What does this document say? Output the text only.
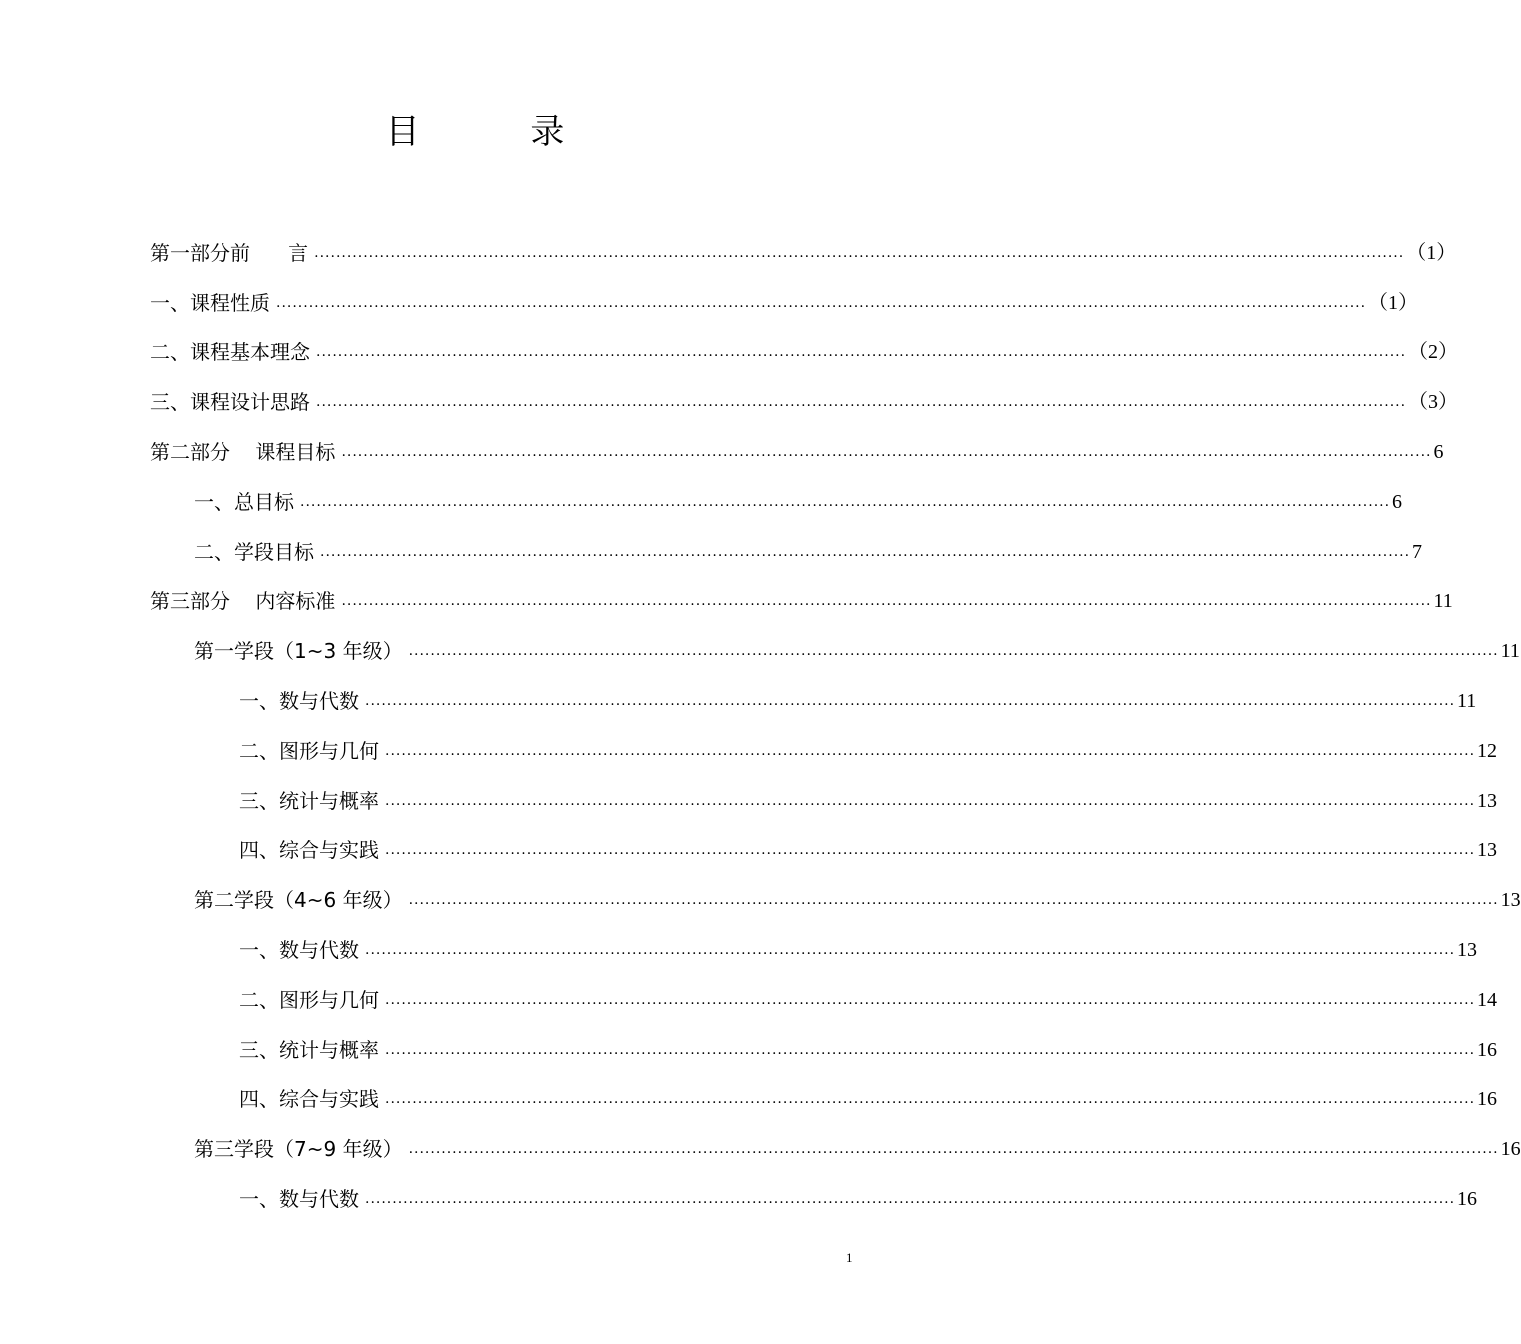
目 录
第一部分前      言 ........................................................................................................................................................................................................ （1）
一、课程性质 ........................................................................................................................................................................................................ （1）
二、课程基本理念 ........................................................................................................................................................................................................ （2）
三、课程设计思路 ........................................................................................................................................................................................................ （3）
第二部分    课程目标 ........................................................................................................................................................................................................ 6
一、总目标 ........................................................................................................................................................................................................ 6
二、学段目标 ........................................................................................................................................................................................................ 7
第三部分    内容标准 ........................................................................................................................................................................................................ 11
第一学段（1~3 年级） ........................................................................................................................................................................................................ 11
一、数与代数 ........................................................................................................................................................................................................ 11
二、图形与几何 ........................................................................................................................................................................................................ 12
三、统计与概率 ........................................................................................................................................................................................................ 13
四、综合与实践 ........................................................................................................................................................................................................ 13
第二学段（4~6 年级） ........................................................................................................................................................................................................ 13
一、数与代数 ........................................................................................................................................................................................................ 13
二、图形与几何 ........................................................................................................................................................................................................ 14
三、统计与概率 ........................................................................................................................................................................................................ 16
四、综合与实践 ........................................................................................................................................................................................................ 16
第三学段（7~9 年级） ........................................................................................................................................................................................................ 16
一、数与代数 ........................................................................................................................................................................................................ 16
1
